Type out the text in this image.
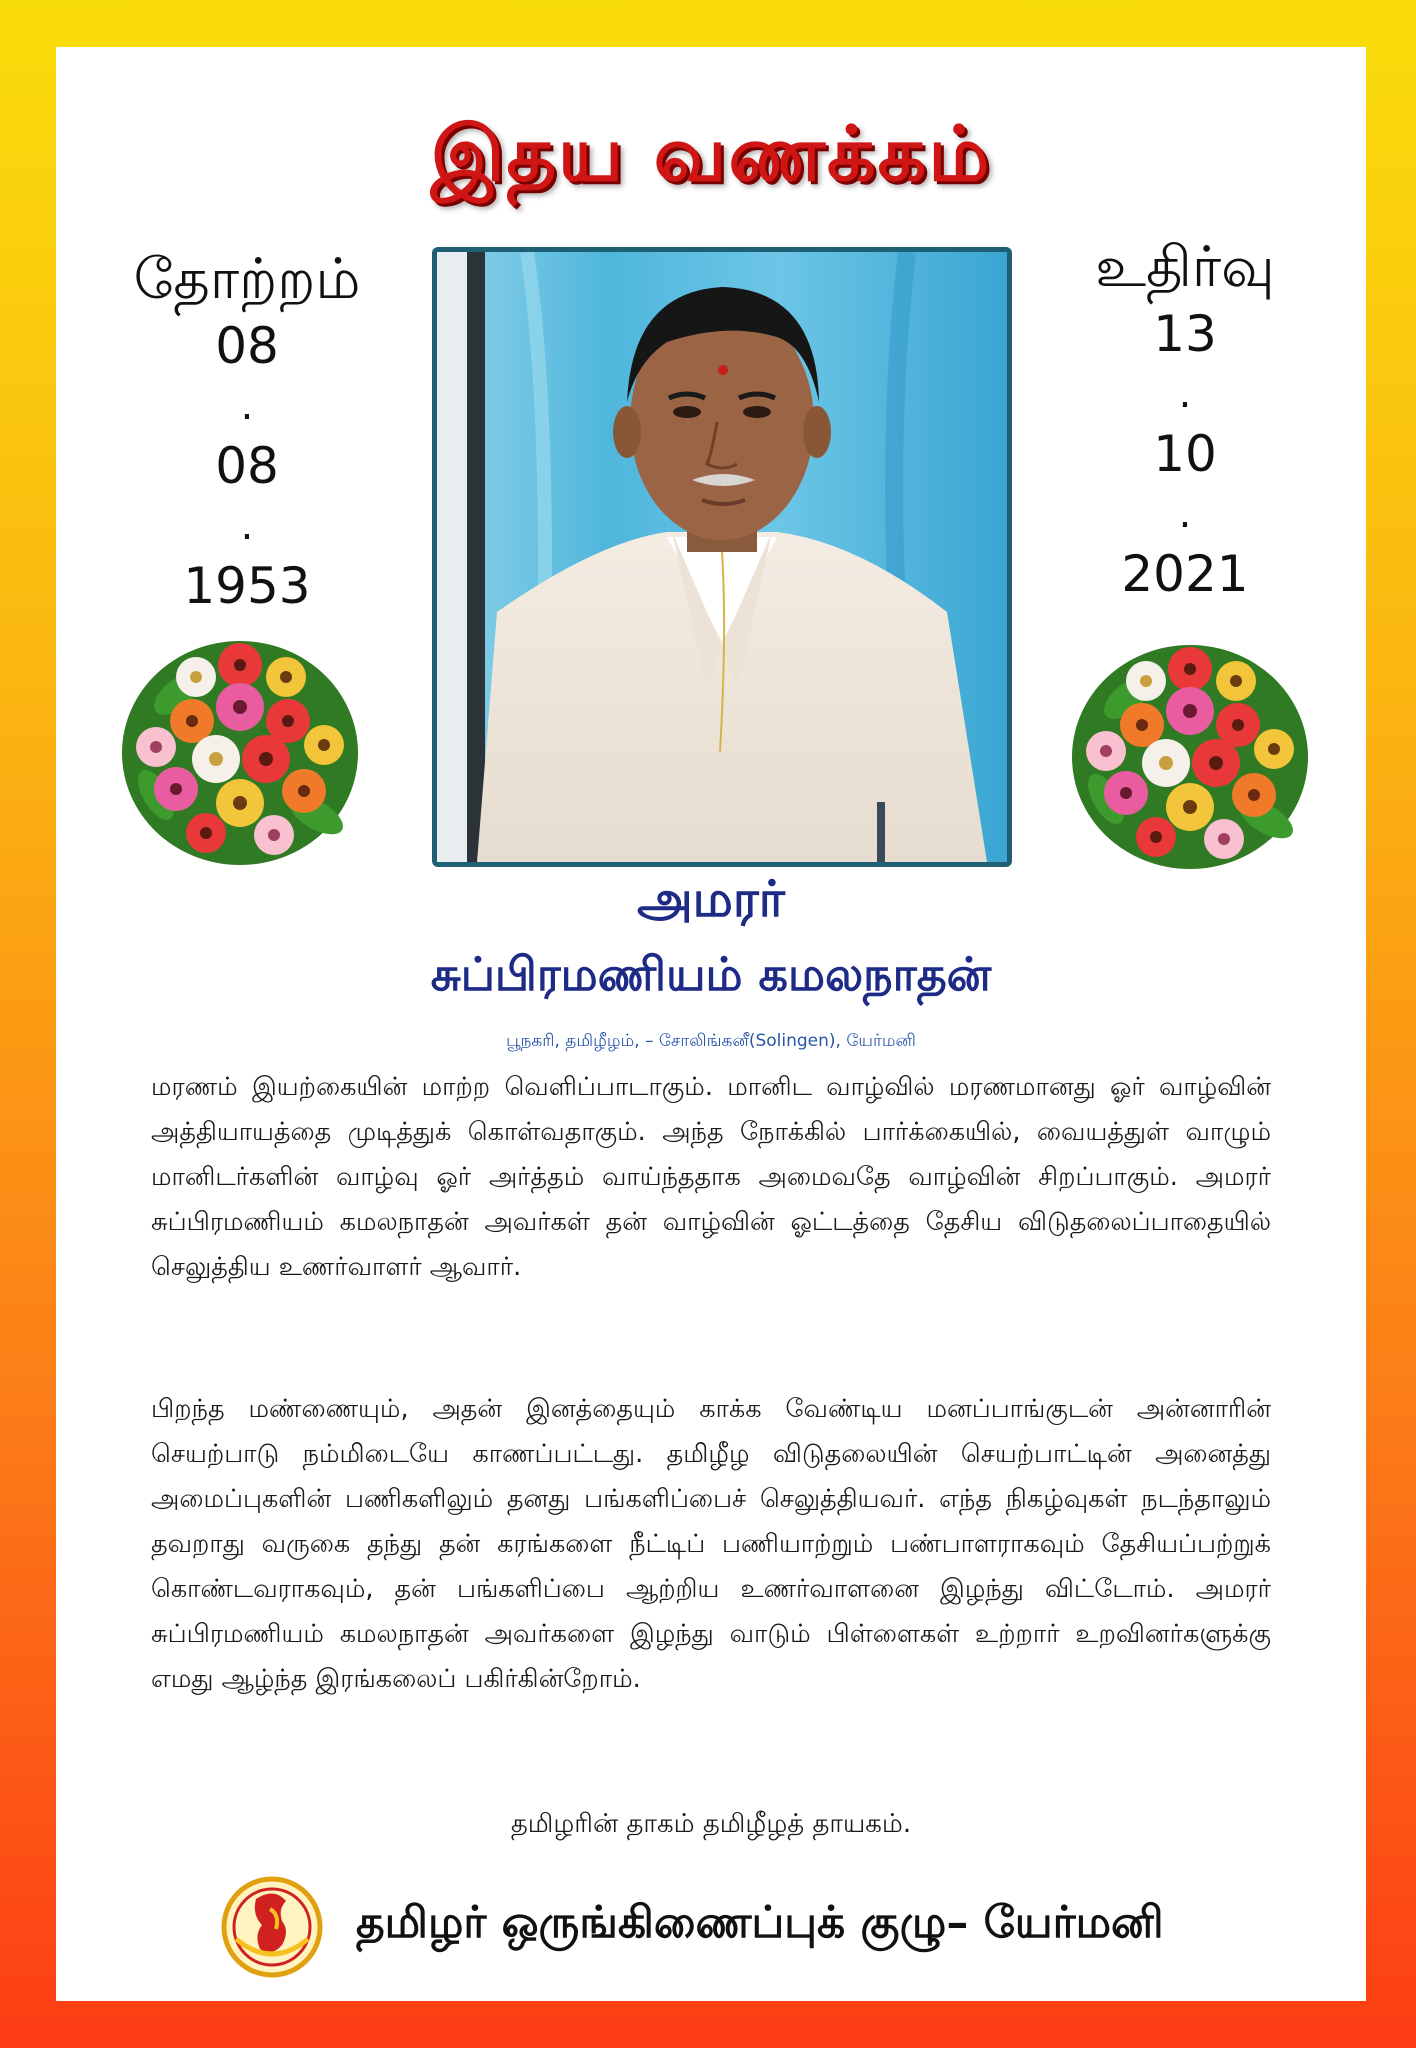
இதய வணக்கம்
தோற்றம்
08
.
08
.
1953
உதிர்வு
13
.
10
.
2021
அமரர்
சுப்பிரமணியம் கமலநாதன்
பூநகரி, தமிழீழம், – சோலிங்கனீ(Solingen), யேர்மனி
மரணம் இயற்கையின் மாற்ற வெளிப்பாடாகும். மானிட வாழ்வில் மரணமானது ஓர் வாழ்வின் அத்தியாயத்தை முடித்துக் கொள்வதாகும். அந்த நோக்கில் பார்க்கையில், வையத்துள் வாழும் மானிடர்களின் வாழ்வு ஓர் அர்த்தம் வாய்ந்ததாக அமைவதே வாழ்வின் சிறப்பாகும். அமரர் சுப்பிரமணியம் கமலநாதன் அவர்கள் தன் வாழ்வின் ஓட்டத்தை தேசிய விடுதலைப்பாதையில் செலுத்திய உணர்வாளர் ஆவார்.
பிறந்த மண்ணையும், அதன் இனத்தையும் காக்க வேண்டிய மனப்பாங்குடன் அன்னாரின் செயற்பாடு நம்மிடையே காணப்பட்டது. தமிழீழ விடுதலையின் செயற்பாட்டின் அனைத்து அமைப்புகளின் பணிகளிலும் தனது பங்களிப்பைச் செலுத்தியவர். எந்த நிகழ்வுகள் நடந்தாலும் தவறாது வருகை தந்து தன் கரங்களை நீட்டிப் பணியாற்றும் பண்பாளராகவும் தேசியப்பற்றுக் கொண்டவராகவும், தன் பங்களிப்பை ஆற்றிய உணர்வாளனை இழந்து விட்டோம். அமரர் சுப்பிரமணியம் கமலநாதன் அவர்களை இழந்து வாடும் பிள்ளைகள் உற்றார் உறவினர்களுக்கு எமது ஆழ்ந்த இரங்கலைப் பகிர்கின்றோம்.
தமிழரின் தாகம் தமிழீழத் தாயகம்.
தமிழர் ஒருங்கிணைப்புக் குழு– யேர்மனி
